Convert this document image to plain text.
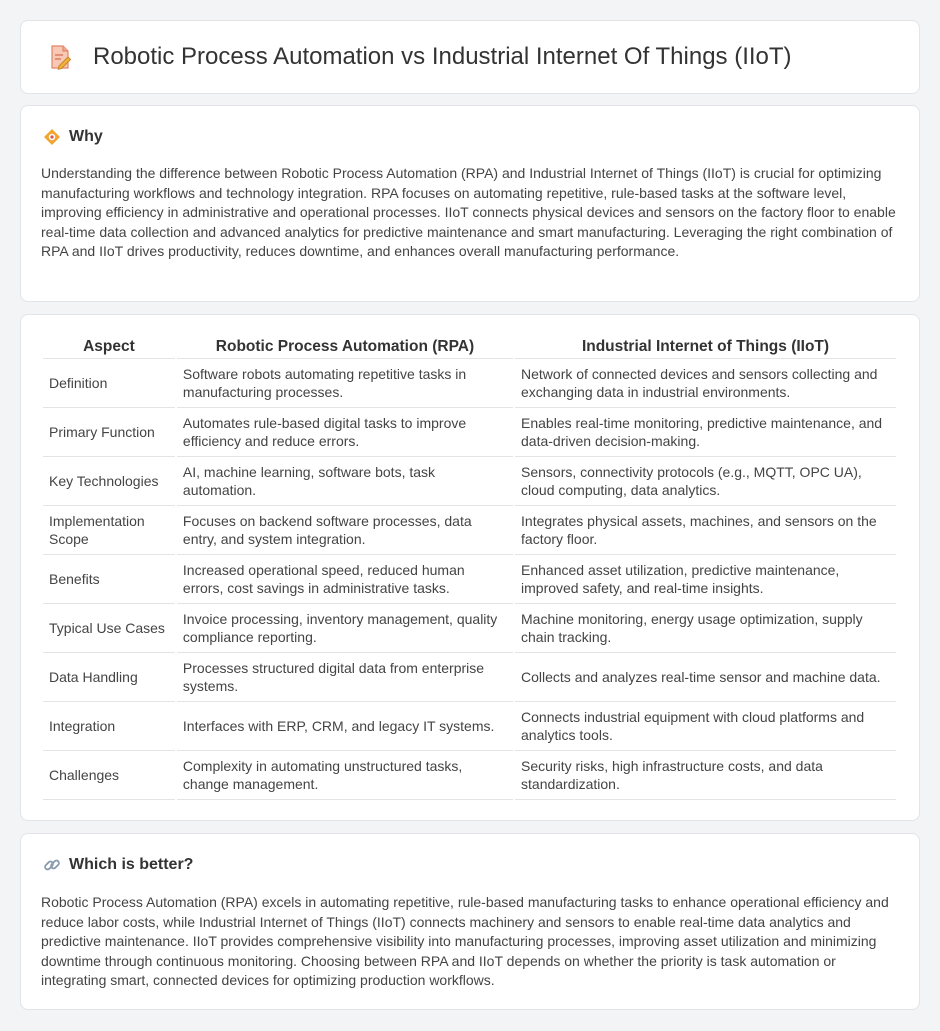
Robotic Process Automation vs Industrial Internet Of Things (IIoT)
Why

Understanding the difference between Robotic Process Automation (RPA) and Industrial Internet of Things (IIoT) is crucial for optimizing manufacturing workflows and technology integration. RPA focuses on automating repetitive, rule-based tasks at the software level, improving efficiency in administrative and operational processes. IIoT connects physical devices and sensors on the factory floor to enable real-time data collection and advanced analytics for predictive maintenance and smart manufacturing. Leveraging the right combination of RPA and IIoT drives productivity, reduces downtime, and enhances overall manufacturing performance.

Aspect	Robotic Process Automation (RPA)	Industrial Internet of Things (IIoT)
Definition	Software robots automating repetitive tasks in manufacturing processes.	Network of connected devices and sensors collecting and exchanging data in industrial environments.
Primary Function	Automates rule-based digital tasks to improve efficiency and reduce errors.	Enables real-time monitoring, predictive maintenance, and data-driven decision-making.
Key Technologies	AI, machine learning, software bots, task automation.	Sensors, connectivity protocols (e.g., MQTT, OPC UA), cloud computing, data analytics.
Implementation Scope	Focuses on backend software processes, data entry, and system integration.	Integrates physical assets, machines, and sensors on the factory floor.
Benefits	Increased operational speed, reduced human errors, cost savings in administrative tasks.	Enhanced asset utilization, predictive maintenance, improved safety, and real-time insights.
Typical Use Cases	Invoice processing, inventory management, quality compliance reporting.	Machine monitoring, energy usage optimization, supply chain tracking.
Data Handling	Processes structured digital data from enterprise systems.	Collects and analyzes real-time sensor and machine data.
Integration	Interfaces with ERP, CRM, and legacy IT systems.	Connects industrial equipment with cloud platforms and analytics tools.
Challenges	Complexity in automating unstructured tasks, change management.	Security risks, high infrastructure costs, and data standardization.
Which is better?

Robotic Process Automation (RPA) excels in automating repetitive, rule-based manufacturing tasks to enhance operational efficiency and reduce labor costs, while Industrial Internet of Things (IIoT) connects machinery and sensors to enable real-time data analytics and predictive maintenance. IIoT provides comprehensive visibility into manufacturing processes, improving asset utilization and minimizing downtime through continuous monitoring. Choosing between RPA and IIoT depends on whether the priority is task automation or integrating smart, connected devices for optimizing production workflows.
